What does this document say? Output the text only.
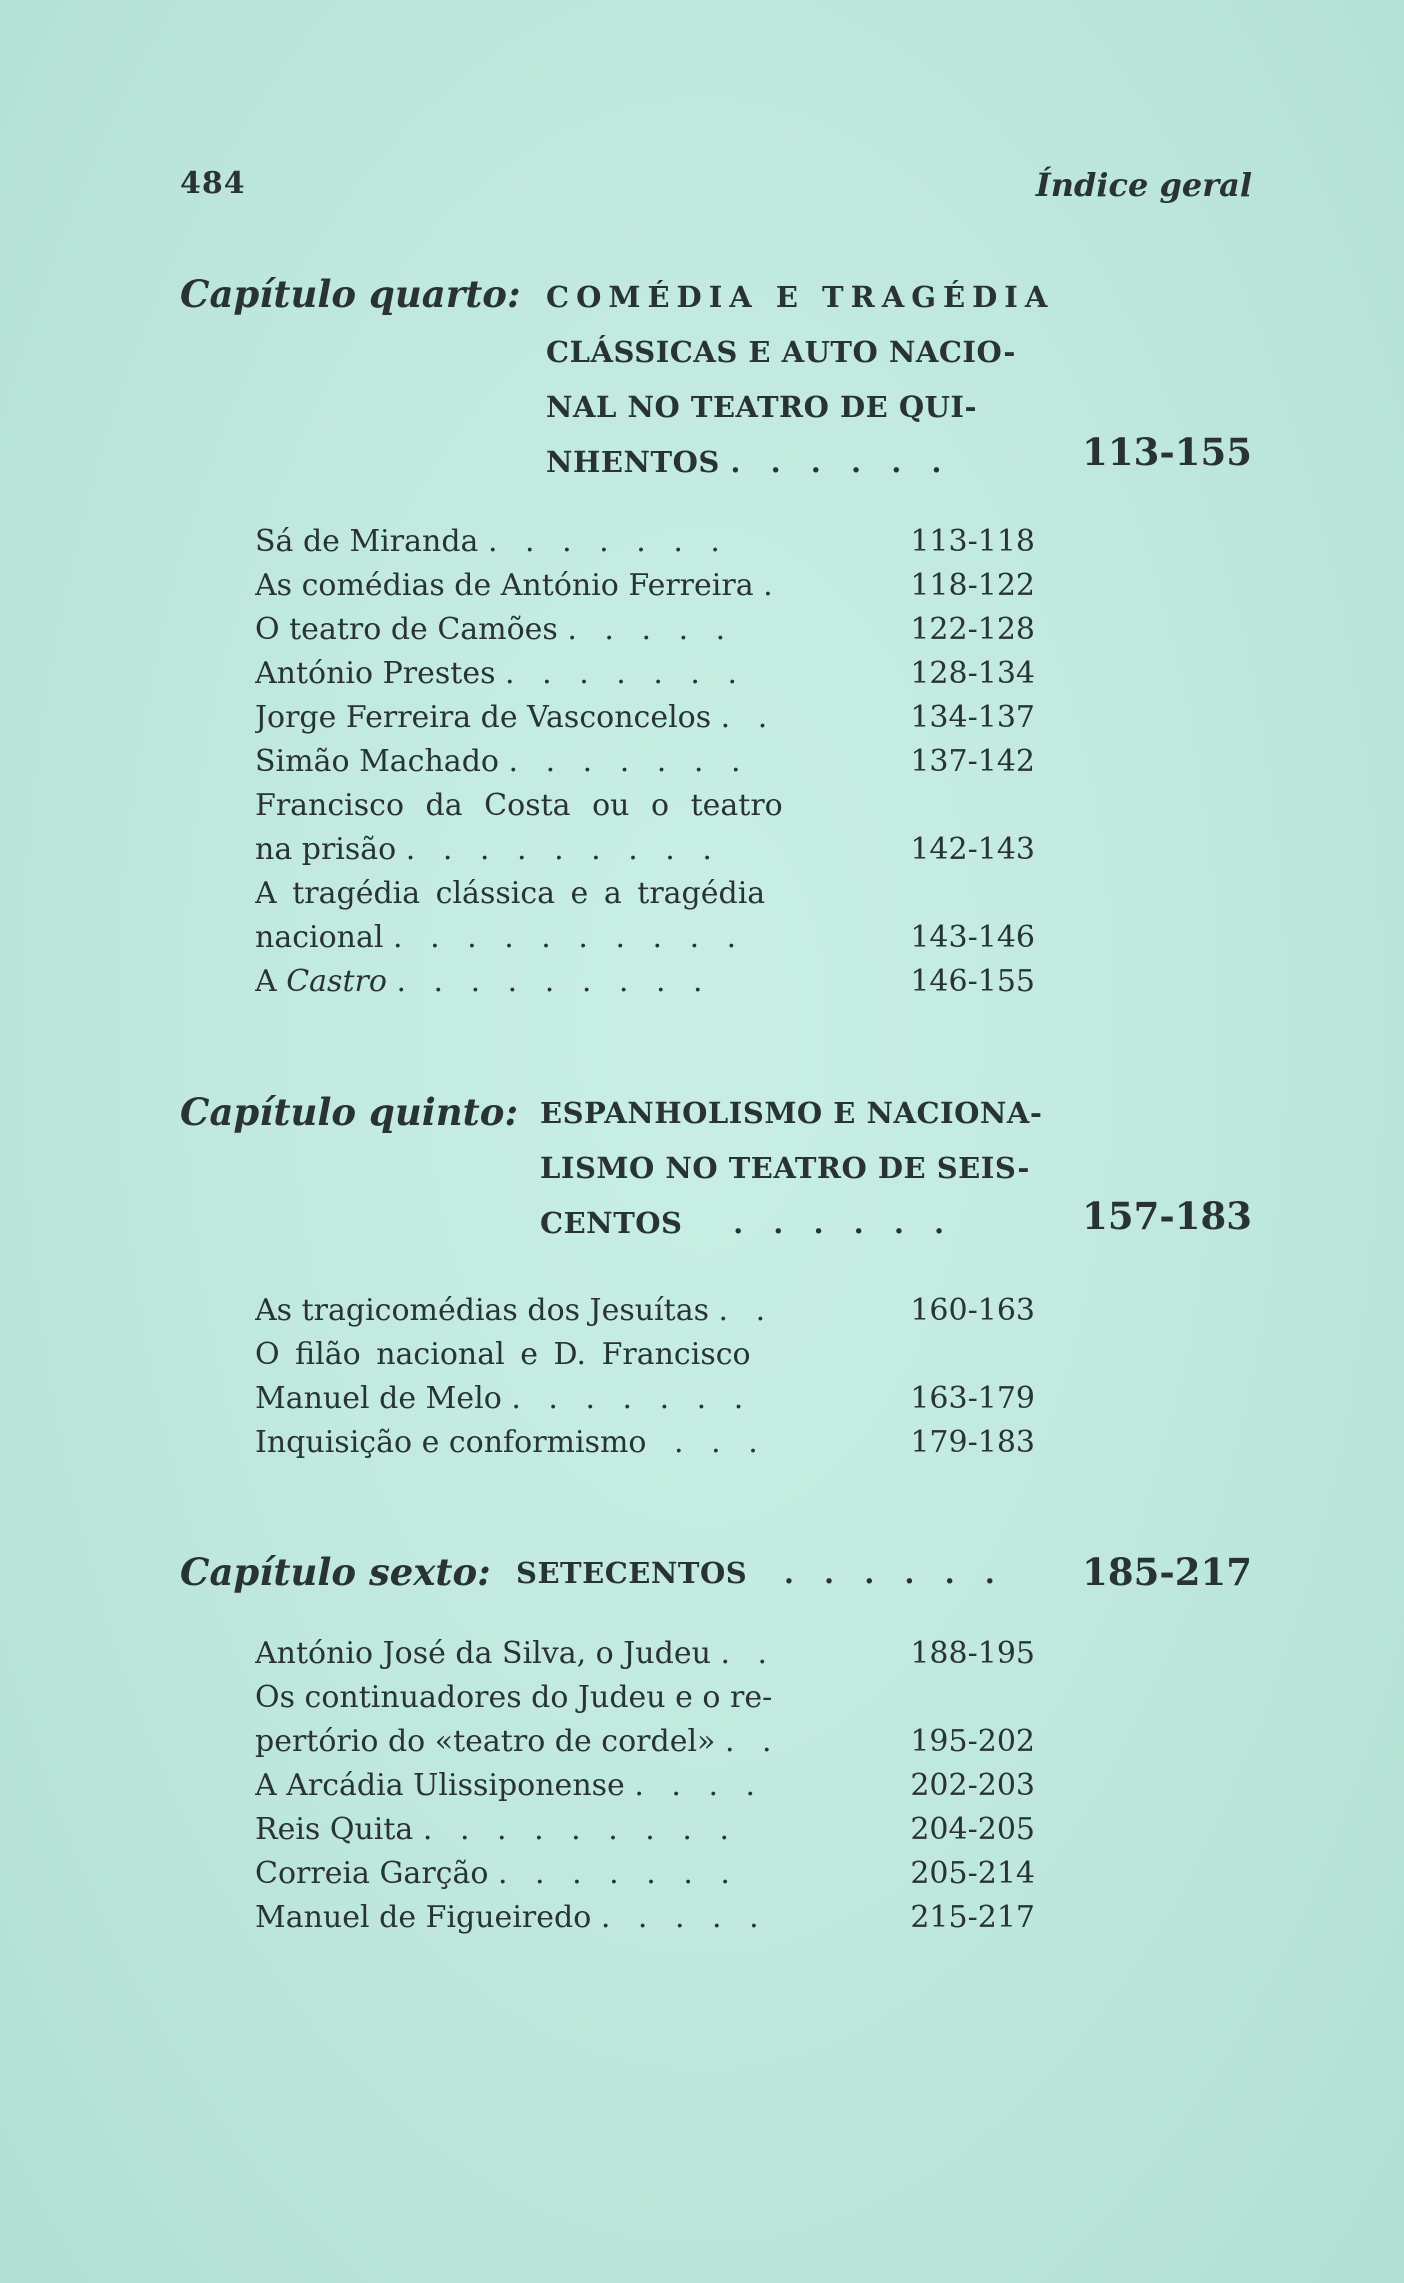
484	Índice geral
Capítulo quarto: COMÉDIA E TRAGÉDIA
CLÁSSICAS E AUTO NACIO-
NAL NO TEATRO DE QUI-
NHENTOS . . . . . .	113-155
Sá de Miranda . . . . . . .	113-118
As comédias de António Ferreira .	118-122
O teatro de Camões . . . . .	122-128
António Prestes . . . . . . .	128-134
Jorge Ferreira de Vasconcelos . .	134-137
Simão Machado . . . . . . .	137-142
Francisco da Costa ou o teatro
na prisão . . . . . . . . .	142-143
A tragédia clássica e a tragédia
nacional . . . . . . . . . .	143-146
A Castro . . . . . . . . .	146-155
Capítulo quinto: ESPANHOLISMO E NACIONA-
LISMO NO TEATRO DE SEIS-
CENTOS . . . . . .	157-183
As tragicomédias dos Jesuítas . .	160-163
O filão nacional e D. Francisco
Manuel de Melo . . . . . . .	163-179
Inquisição e conformismo . . .	179-183
Capítulo sexto: SETECENTOS . . . . . . 185-217
António José da Silva, o Judeu . .	188-195
Os continuadores do Judeu e o re-
pertório do «teatro de cordel» . .	195-202
A Arcádia Ulissiponense . . . .	202-203
Reis Quita . . . . . . . . .	204-205
Correia Garção . . . . . . .	205-214
Manuel de Figueiredo . . . . .	215-217
